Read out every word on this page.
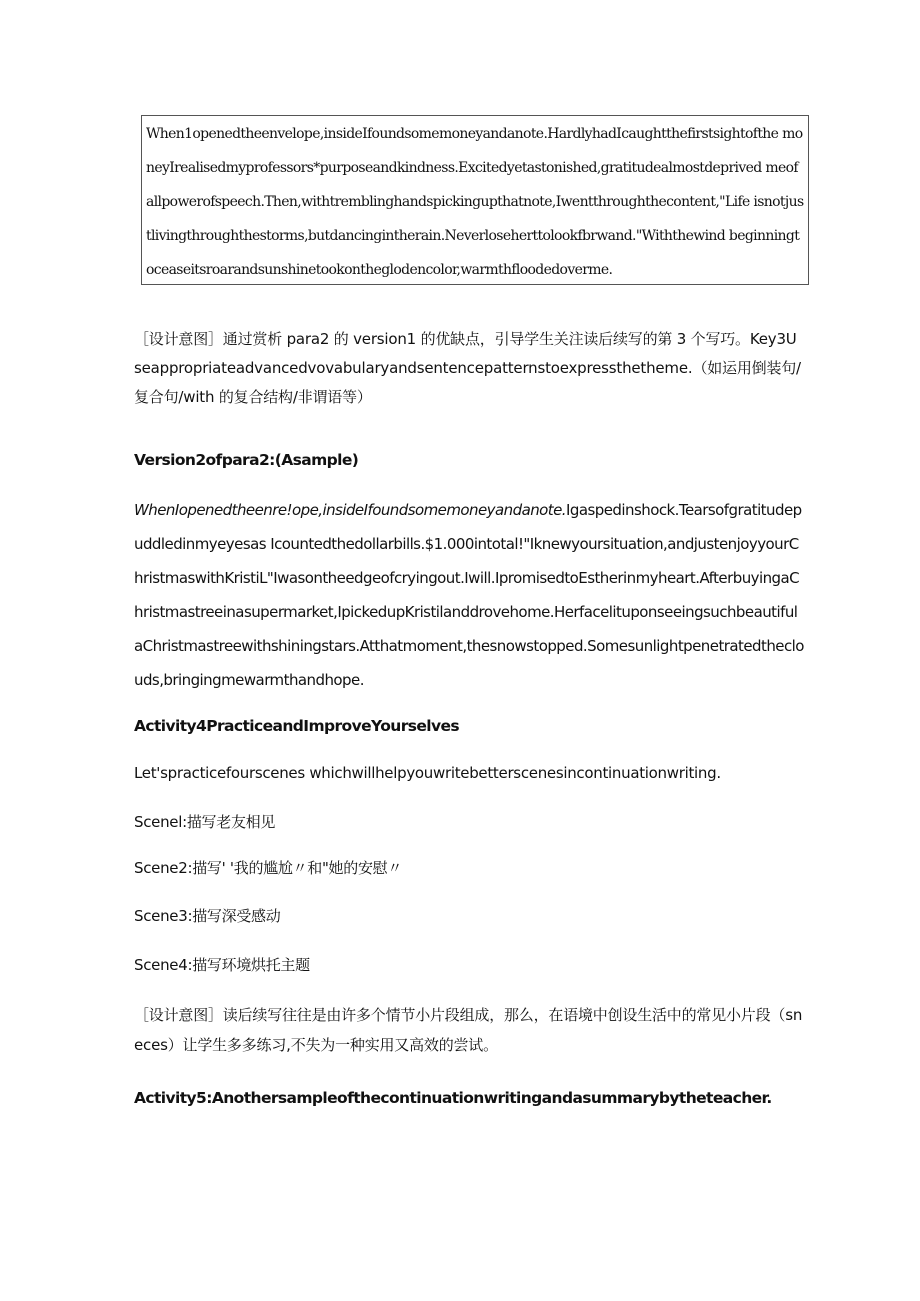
When1openedtheenvelope,insideIfoundsomemoneyandanote.HardlyhadIcaughtthefirstsightofthe moneyIrealisedmyprofessors*purposeandkindness.Excitedyetastonished,gratitudealmostdeprived meofallpowerofspeech.Then,withtremblinghandspickingupthatnote,Iwentthroughthecontent,"Life isnotjustlivingthroughthestorms,butdancingintherain.Neverloseherttolookfbrwand."Withthewind beginningtoceaseitsroarandsunshinetookontheglodencolor,warmthfloodedoverme.

［设计意图］通过赏析 para2 的 version1 的优缺点，引导学生关注读后续写的第 3 个写巧。Key3Useappropriateadvancedvovabularyandsentencepatternstoexpressthetheme.（如运用倒装句/复合句/with 的复合结构/非谓语等）

Version2ofpara2:(Asample)

WhenIopenedtheenre!ope,insideIfoundsomemoneyandanote.Igaspedinshock.Tearsofgratitudepuddledinmyeyesas Icountedthedollarbills.$1.000intotal!"Iknewyoursituation,andjustenjoyyourChristmaswithKristiL"Iwasontheedgeofcryingout.Iwill.IpromisedtoEstherinmyheart.AfterbuyingaChristmastreeinasupermarket,IpickedupKristilanddrovehome.HerfacelituponseeingsuchbeautifulaChristmastreewithshiningstars.Atthatmoment,thesnowstopped.Somesunlightpenetratedtheclouds,bringingmewarmthandhope.

Activity4PracticeandImproveYourselves

Let'spracticefourscenes whichwillhelpyouwritebetterscenesincontinuationwriting.

Scenel:描写老友相见

Scene2:描写' '我的尴尬〃和"她的安慰〃

Scene3:描写深受感动

Scene4:描写环境烘托主题

［设计意图］读后续写往往是由许多个情节小片段组成，那么，在语境中创设生活中的常见小片段（sneces）让学生多多练习,不失为一种实用又高效的尝试。

Activity5:Anothersampleofthecontinuationwritingandasummarybytheteacher.
